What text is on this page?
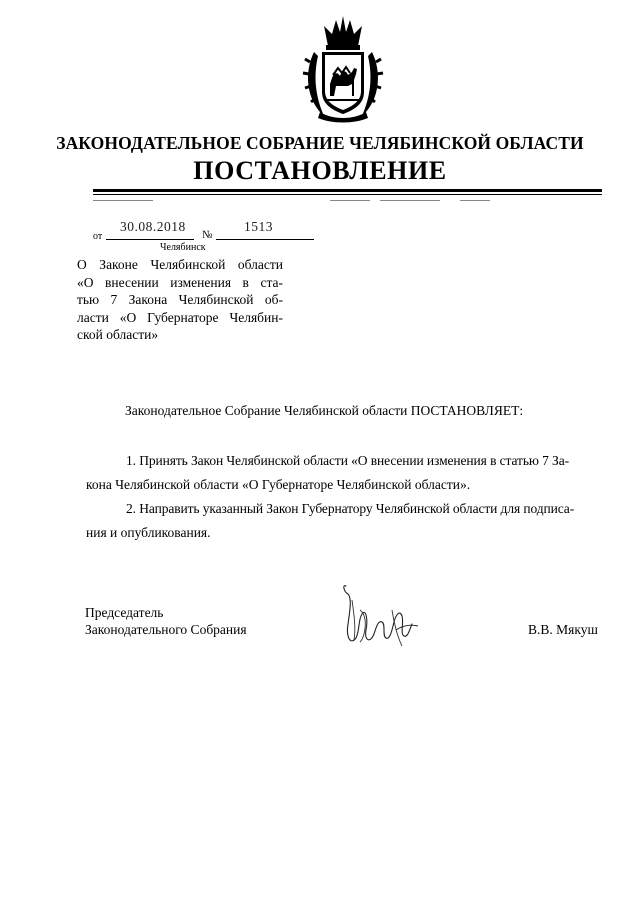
ЗАКОНОДАТЕЛЬНОЕ СОБРАНИЕ ЧЕЛЯБИНСКОЙ ОБЛАСТИ
ПОСТАНОВЛЕНИЕ
от
30.08.2018
№
1513
Челябинск
О Законе Челябинской области
«О внесении изменения в ста-
тью 7 Закона Челябинской об-
ласти «О Губернаторе Челябин-
ской области»
Законодательное Собрание Челябинской области ПОСТАНОВЛЯЕТ:
1. Принять Закон Челябинской области «О внесении изменения в статью 7 За-
кона Челябинской области «О Губернаторе Челябинской области».
2. Направить указанный Закон Губернатору Челябинской области для подписа-
ния и опубликования.
Председатель
Законодательного Собрания	В.В. Мякуш
